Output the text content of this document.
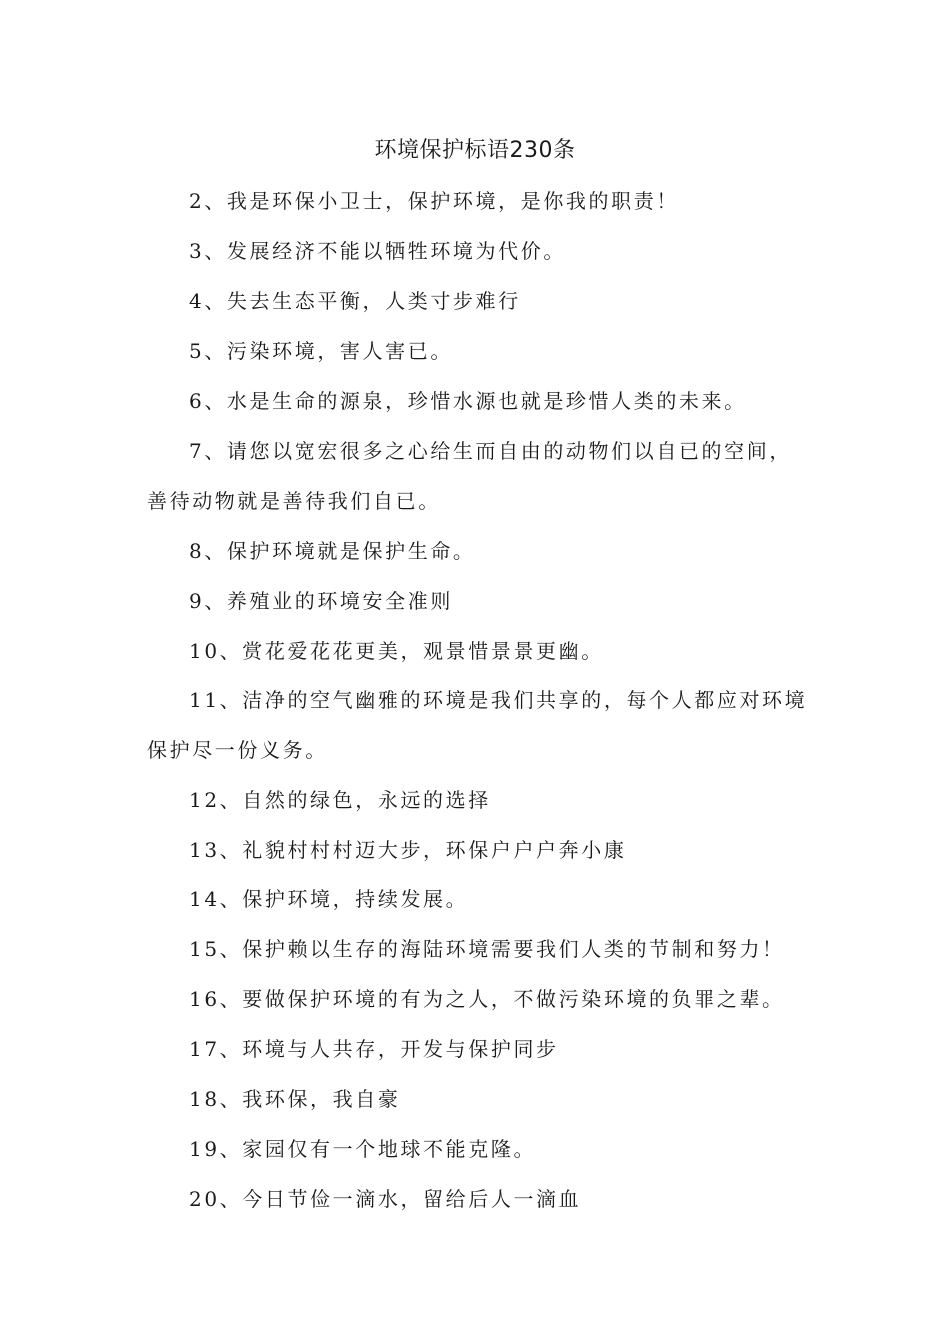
环境保护标语230条

2、我是环保小卫士，保护环境，是你我的职责！

3、发展经济不能以牺牲环境为代价。

4、失去生态平衡，人类寸步难行

5、污染环境，害人害已。

6、水是生命的源泉，珍惜水源也就是珍惜人类的未来。

7、请您以宽宏很多之心给生而自由的动物们以自已的空间，善待动物就是善待我们自已。

8、保护环境就是保护生命。

9、养殖业的环境安全准则

10、赏花爱花花更美，观景惜景景更幽。

11、洁净的空气幽雅的环境是我们共享的，每个人都应对环境保护尽一份义务。

12、自然的绿色，永远的选择

13、礼貌村村村迈大步，环保户户户奔小康

14、保护环境，持续发展。

15、保护赖以生存的海陆环境需要我们人类的节制和努力！

16、要做保护环境的有为之人，不做污染环境的负罪之辈。

17、环境与人共存，开发与保护同步

18、我环保，我自豪

19、家园仅有一个地球不能克隆。

20、今日节俭一滴水，留给后人一滴血
